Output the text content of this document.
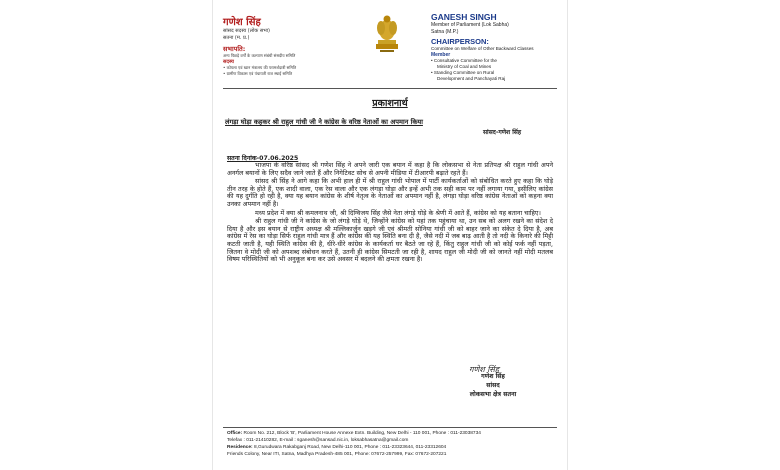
गणेश सिंह
सांसद सदस्य (लोक सभा)
सतना (म. प्र.)
सभापति:
अन्य पिछड़े वर्गों के कल्याण संबंधी संसदीय समिति
सदस्य
• कोयला एवं खान मंत्रालय की परामर्शदात्री समिति
• ग्रामीण विकास एवं पंचायती राज स्थाई समिति
GANESH SINGH
Member of Parliament (Lok Sabha)
Satna (M.P.)
CHAIRPERSON:
Committee on Welfare of Other Backward Classes
Member
• Consultative Committee for the
Ministry of Coal and Mines
• Standing Committee on Rural
Development and Panchayati Raj
प्रकाशनार्थ
लंगड़ा घोड़ा कहकर श्री राहुल गांधी जी ने कांग्रेस के वरिष्ठ नेताओं का अपमान किया
सांसद-गणेश सिंह
सतना दिनांक-07.06.2025

भाजपा के वरिष्ठ सांसद श्री गणेश सिंह ने अपने जारी एक बयान में कहा है कि लोकसभा से नेता प्रतिपक्ष श्री राहुल गांधी अपने अनर्गल बयानों के लिए सदैव जाने जाते हैं और निगेटिवट सोच से अपनी मीडिया में टीआरपी बढ़ाते रहते हैं।

सांसद श्री सिंह ने आगे कहा कि अभी हाल ही में श्री राहुल गांधी भोपाल में पार्टी कार्यकर्ताओं को संबोधित करते हुए कहा कि घोड़े तीन तरह के होते हैं, एक शादी वाला, एक रेस वाला और एक लंगड़ा घोड़ा और इन्हें अभी तक सही काम पर नहीं लगाया गया, इसीलिए कांग्रेस की यह दुर्गति हो रही है, क्या यह बयान कांग्रेस के शीर्ष नेतृत्व के नेताओं का अपमान नहीं है, लंगड़ा घोड़ा वरिष्ठ कांग्रेस नेताओं को कहना क्या उनका अपमान नहीं है।

मध्य प्रदेश में क्या श्री कमलनाथ जी, श्री दिग्विजय सिंह जैसे नेता लंगड़े घोड़े के श्रेणी में आते हैं, कांग्रेस को यह बताना चाहिए।

श्री राहुल गांधी जी ने कांग्रेस के जो लंगड़े घोड़े थे, जिन्होंने कांग्रेस को यहां तक पहुंचाया था, उन सब को अलग रखने का संदेश दे दिया है और इस बयान से राष्ट्रीय अध्यक्ष श्री मल्लिकार्जुन खड़गे जी एवं श्रीमती सोनिया गांधी जी को बाहर जाने का संकेत दे दिया है, अब कांग्रेस में रेस का घोड़ा सिर्फ राहुल गांधी मात्र हैं और कांग्रेस की यह स्थिति बना दी है, जैसे नदी में जब बाढ़ आती है तो नदी के किनारे की मिट्टी कटती जाती है, यही स्थिति कांग्रेस की है, धीरे-धीरे कांग्रेस के कार्यकर्ता घर बैठते जा रहे हैं, किंतु राहुल गांधी जी को कोई फर्क नहीं पड़ता, जितना वे मोदी जी को अपशब्द संबोधन करते हैं, उतनी ही कांग्रेस सिमटती जा रही है, शायद राहुल जी मोदी जी को जानते नहीं मोदी मतलब विषम परिस्थितियों को भी अनुकूल बना कर उसे अवसर में बदलने की क्षमता रखना है।

गणेश सिंह
गणेश सिंह
सांसद
लोकसभा क्षेत्र सतना
Office: Room No. 212, Block 'B', Parliament House Annexe Extn. Building, New Delhi - 110 001, Phone : 011-23038734
Telefax : 011-21410282, E-mail : sganesh@sansad.nic.in, loksabhasatna@gmail.com
Residence: 8,Gurudwara Rakabganj Road, New Delhi-110 001, Phone : 011-23323644, 011-23312604
Friends Colony, Near ITI, Satna, Madhya Pradesh-485 001, Phone: 07672-257999, Fax: 07672-207221
